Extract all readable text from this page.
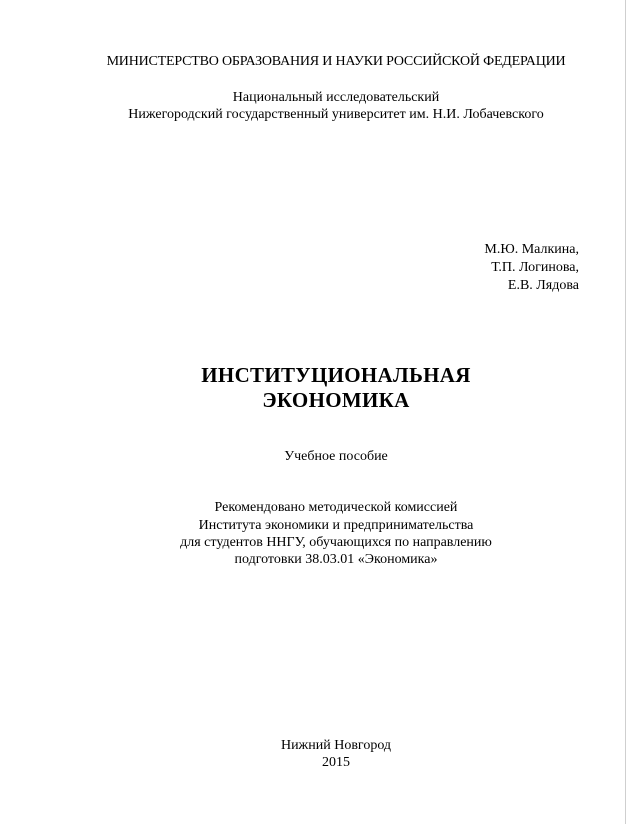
МИНИСТЕРСТВО ОБРАЗОВАНИЯ И НАУКИ РОССИЙСКОЙ ФЕДЕРАЦИИ
Национальный исследовательский
Нижегородский государственный университет им. Н.И. Лобачевского
М.Ю. Малкина,
Т.П. Логинова,
Е.В. Лядова
ИНСТИТУЦИОНАЛЬНАЯ
ЭКОНОМИКА
Учебное пособие
Рекомендовано методической комиссией
Института экономики и предпринимательства
для студентов ННГУ, обучающихся по направлению
подготовки 38.03.01 «Экономика»
Нижний Новгород
2015
